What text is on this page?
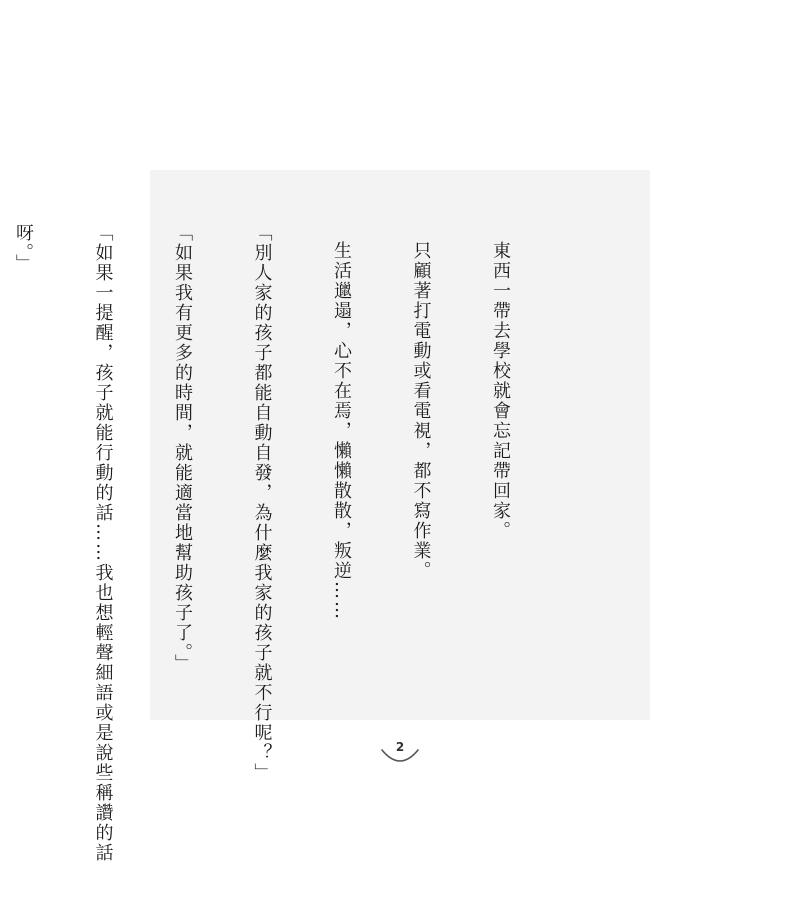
東西一帶去學校就會忘記帶回家。

只顧著打電動或看電視，都不寫作業。

生活邋遢，心不在焉，懶懶散散，叛逆……

「別人家的孩子都能自動自發，為什麼我家的孩子就不行呢？」

「如果我有更多的時間，就能適當地幫助孩子了。」

「如果一提醒，孩子就能行動的話……我也想輕聲細語或是說些稱讚的話

呀。」

2
